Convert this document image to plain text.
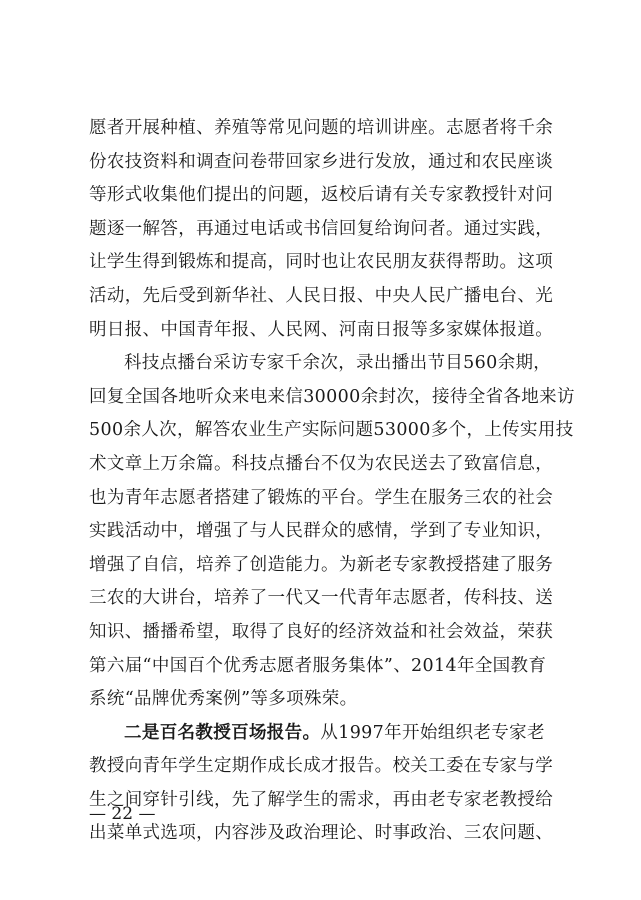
愿者开展种植、养殖等常见问题的培训讲座。志愿者将千余
份农技资料和调查问卷带回家乡进行发放，通过和农民座谈
等形式收集他们提出的问题，返校后请有关专家教授针对问
题逐一解答，再通过电话或书信回复给询问者。通过实践，
让学生得到锻炼和提高，同时也让农民朋友获得帮助。这项
活动，先后受到新华社、人民日报、中央人民广播电台、光
明日报、中国青年报、人民网、河南日报等多家媒体报道。
科技点播台采访专家千余次，录出播出节目560余期，
回复全国各地听众来电来信30000余封次，接待全省各地来访
500余人次，解答农业生产实际问题53000多个，上传实用技
术文章上万余篇。科技点播台不仅为农民送去了致富信息，
也为青年志愿者搭建了锻炼的平台。学生在服务三农的社会
实践活动中，增强了与人民群众的感情，学到了专业知识，
增强了自信，培养了创造能力。为新老专家教授搭建了服务
三农的大讲台，培养了一代又一代青年志愿者，传科技、送
知识、播播希望，取得了良好的经济效益和社会效益，荣获
第六届“中国百个优秀志愿者服务集体”、2014年全国教育
系统“品牌优秀案例”等多项殊荣。
二是百名教授百场报告。从1997年开始组织老专家老
教授向青年学生定期作成长成才报告。校关工委在专家与学
生之间穿针引线，先了解学生的需求，再由老专家老教授给
出菜单式选项，内容涉及政治理论、时事政治、三农问题、
— 22 —
